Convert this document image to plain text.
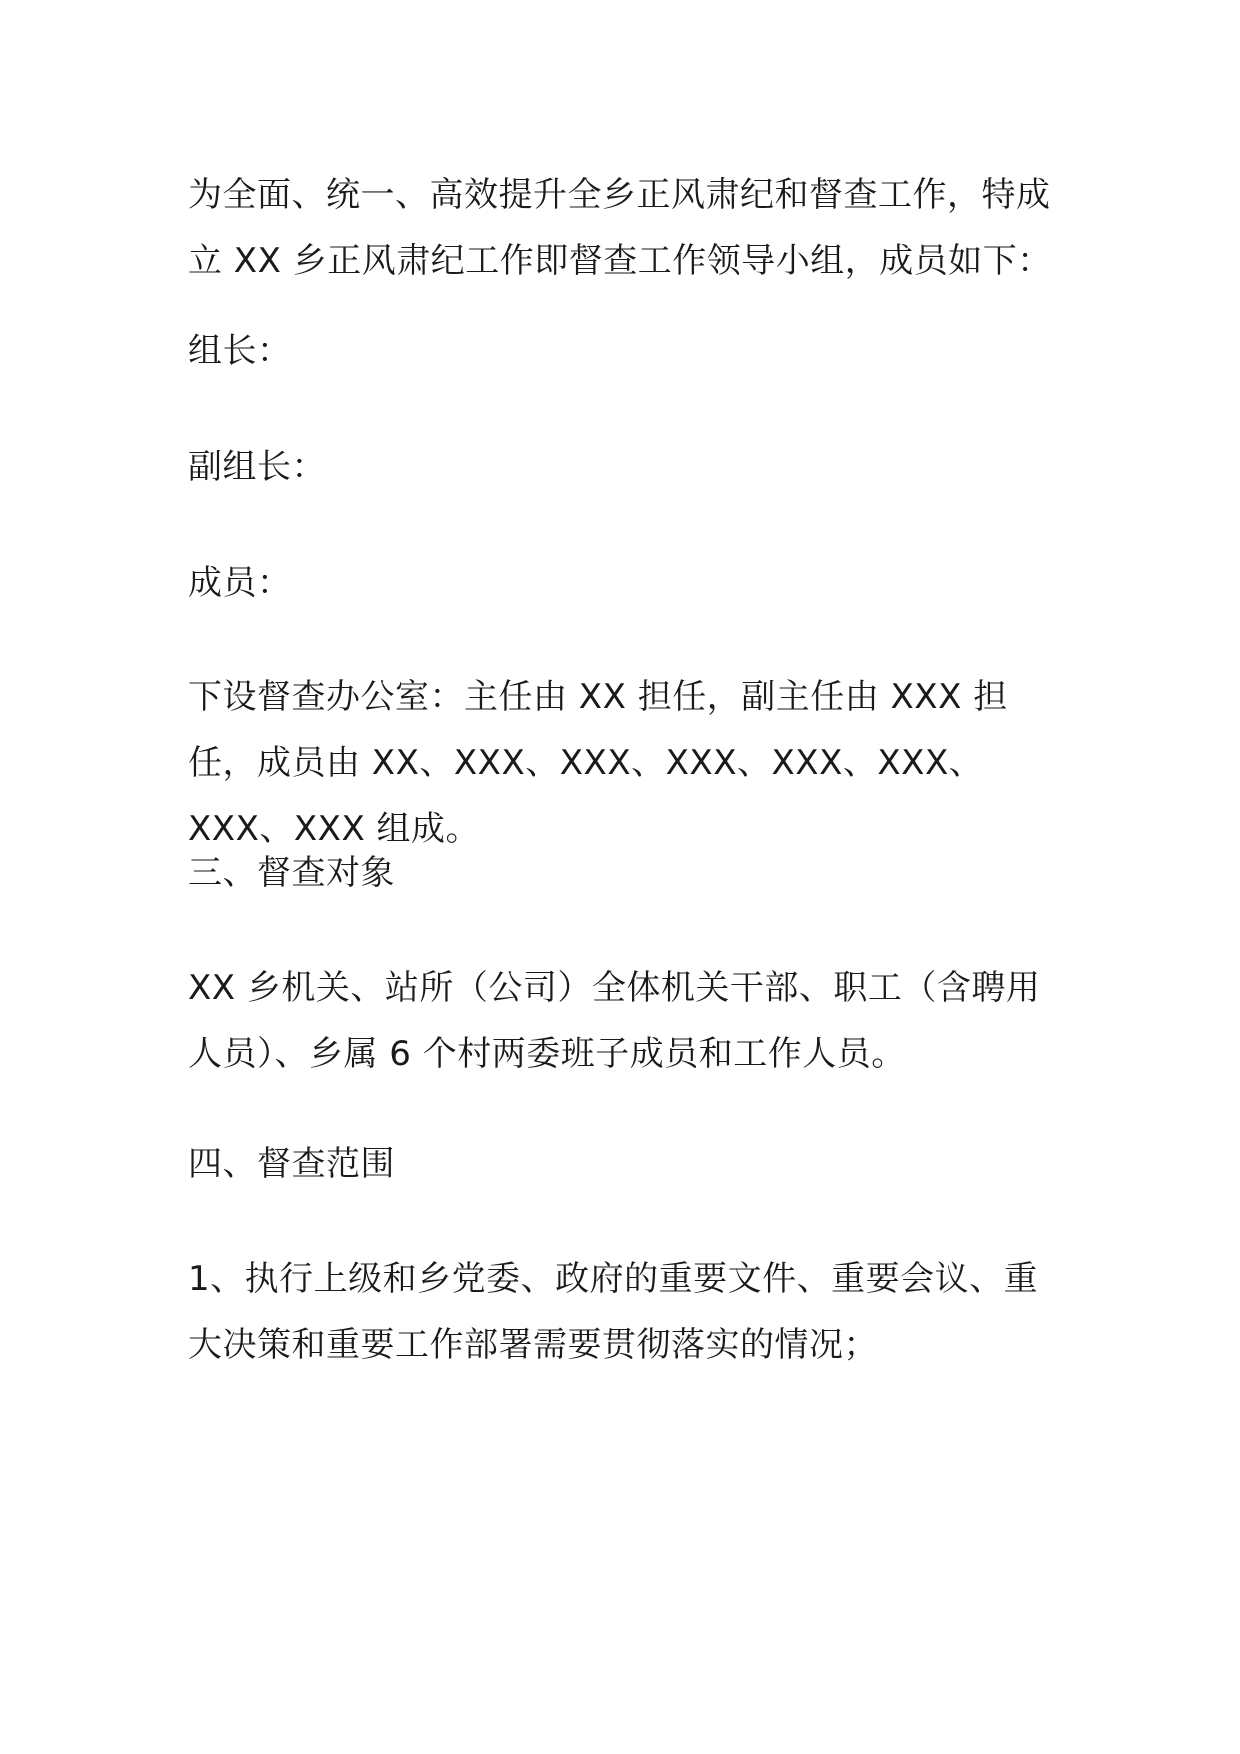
为全面、统一、高效提升全乡正风肃纪和督查工作，特成立 XX 乡正风肃纪工作即督查工作领导小组，成员如下：

组长：

副组长：

成员：

下设督查办公室：主任由 XX 担任，副主任由 XXX 担任，成员由 XX、XXX、XXX、XXX、XXX、XXX、XXX、XXX 组成。

三、督查对象

XX 乡机关、站所（公司）全体机关干部、职工（含聘用人员）、乡属 6 个村两委班子成员和工作人员。

四、督查范围

1、执行上级和乡党委、政府的重要文件、重要会议、重大决策和重要工作部署需要贯彻落实的情况；
